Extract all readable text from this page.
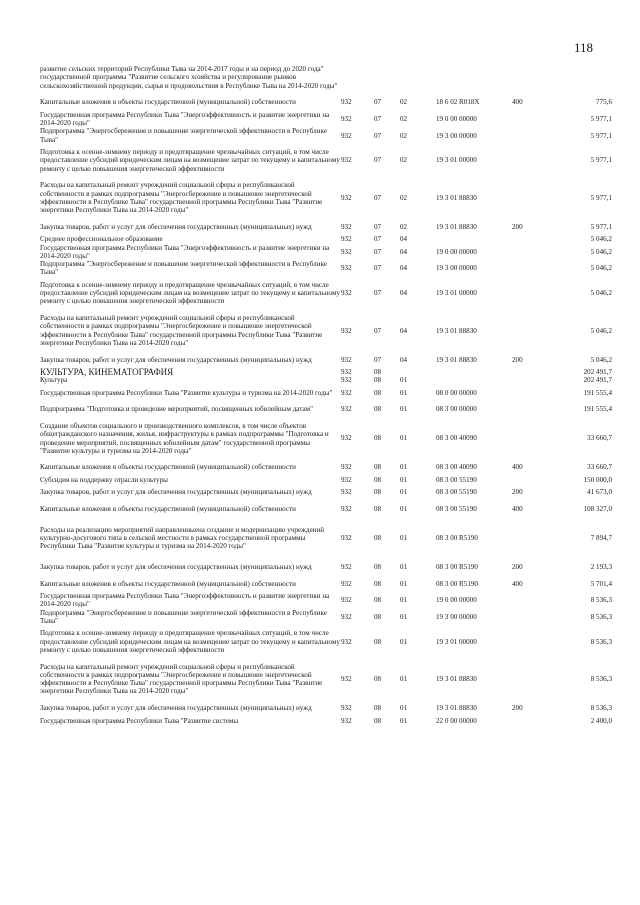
118
развитие сельских территорий Республики Тыва на 2014-2017 годы и на период до 2020 года" государственной программы "Развитие сельского хозяйства и регулирование рынков сельскохозяйственной продукции, сырья и продовольствия в Республике Тыва на 2014-2020 годы"
Капитальные вложения в объекты государственной (муниципальной) собственности	932	07	02	18 6 02 R018X	400	775,6
Государственная программа Республики Тыва "Энергоэффективность и развитие энергетики на 2014-2020 годы"
932	07	02	19 0 00 00000	5 977,1
Подпрограмма "Энергосбережение и повышение энергетической эффективности в Республике Тыва"
932	07	02	19 3 00 00000	5 977,1
Подготовка к осенне-зимнему периоду и предотвращение чрезвычайных ситуаций, в том числе предоставление субсидий юридическим лицам на возмещение затрат по текущему и капитальному ремонту с целью повышения энергетической эффективности
932	07	02	19 3 01 00000	5 977,1
Расходы на капитальный ремонт учреждений социальной сферы и республиканской собственности в рамках подпрограммы "Энергосбережение и повышение энергетической эффективности в Республике Тыва" государственной программы Республики Тыва "Развитие энергетики Республики Тыва на 2014-2020 годы"
932	07	02	19 3 01 88830	5 977,1
Закупка товаров, работ и услуг для обеспечения государственных (муниципальных) нужд	932	07	02	19 3 01 88830	200	5 977,1
Среднее профессиональное образование	932	07	04	5 046,2
Государственная программа Республики Тыва "Энергоэффективность и развитие энергетики на 2014-2020 годы"
932	07	04	19 0 00 00000	5 046,2
Подпрограмма "Энергосбережение и повышение энергетической эффективности в Республике Тыва"
932	07	04	19 3 00 00000	5 046,2
Подготовка к осенне-зимнему периоду и предотвращение чрезвычайных ситуаций, в том числе предоставление субсидий юридическим лицам на возмещение затрат по текущему и капитальному ремонту с целью повышения энергетической эффективности
932	07	04	19 3 01 00000	5 046,2
Расходы на капитальный ремонт учреждений социальной сферы и республиканской собственности в рамках подпрограммы "Энергосбережение и повышение энергетической эффективности в Республике Тыва" государственной программы Республики Тыва "Развитие энергетики Республики Тыва на 2014-2020 годы"
932	07	04	19 3 01 88830	5 046,2
Закупка товаров, работ и услуг для обеспечения государственных (муниципальных) нужд	932	07	04	19 3 01 88830	200	5 046,2
КУЛЬТУРА, КИНЕМАТОГРАФИЯ	932	08	202 491,7
Культура	932	08	01	202 491,7
Государственная программа Республики Тыва "Развитие культуры и туризма на 2014-2020 годы"	932	08	01	08 0 00 00000	191 555,4
Подпрограмма "Подготовка и проведение мероприятий, посвященных юбилейным датам"	932	08	01	08 3 00 00000	191 555,4
Создание объектов социального и производственного комплексов, в том числе объектов общегражданского назначения, жилья, инфраструктуры в рамках подпрограммы "Подготовка и проведение мероприятий, посвященных юбилейным датам" государственной программы "Развитие культуры и туризма на 2014-2020 годы"
932	08	01	08 3 00 40090	33 660,7
Капитальные вложения в объекты государственной (муниципальной) собственности	932	08	01	08 3 00 40090	400	33 660,7
Субсидия на поддержку отрасли культуры	932	08	01	08 3 00 55190	150 000,0
Закупка товаров, работ и услуг для обеспечения государственных (муниципальных) нужд	932	08	01	08 3 00 55190	200	41 673,0
Капитальные вложения в объекты государственной (муниципальной) собственности	932	08	01	08 3 00 55190	400	108 327,0
Расходы на реализацию мероприятий направленныена создание и модернизацию учреждений культурно-досугового типа в сельской местности в рамках государственной программы Республики Тыва "Развитие культуры и туризма на 2014-2020 годы"
932	08	01	08 3 00 R5190	7 894,7
Закупка товаров, работ и услуг для обеспечения государственных (муниципальных) нужд	932	08	01	08 3 00 R5190	200	2 193,3
Капитальные вложения в объекты государственной (муниципальной) собственности	932	08	01	08 3 00 R5190	400	5 701,4
Государственная программа Республики Тыва "Энергоэффективность и развитие энергетики на 2014-2020 годы"
932	08	01	19 0 00 00000	8 536,3
Подпрограмма "Энергосбережение и повышение энергетической эффективности в Республике Тыва"
932	08	01	19 3 00 00000	8 536,3
Подготовка к осенне-зимнему периоду и предотвращение чрезвычайных ситуаций, в том числе предоставление субсидий юридическим лицам на возмещение затрат по текущему и капитальному ремонту с целью повышения энергетической эффективности
932	08	01	19 3 01 00000	8 536,3
Расходы на капитальный ремонт учреждений социальной сферы и республиканской собственности в рамках подпрограммы "Энергосбережение и повышение энергетической эффективности в Республике Тыва" государственной программы Республики Тыва "Развитие энергетики Республики Тыва на 2014-2020 годы"
932	08	01	19 3 01 88830	8 536,3
Закупка товаров, работ и услуг для обеспечения государственных (муниципальных) нужд	932	08	01	19 3 01 88830	200	8 536,3
Государственная программа Республики Тыва "Развитие системы	932	08	01	22 0 00 00000	2 400,0
